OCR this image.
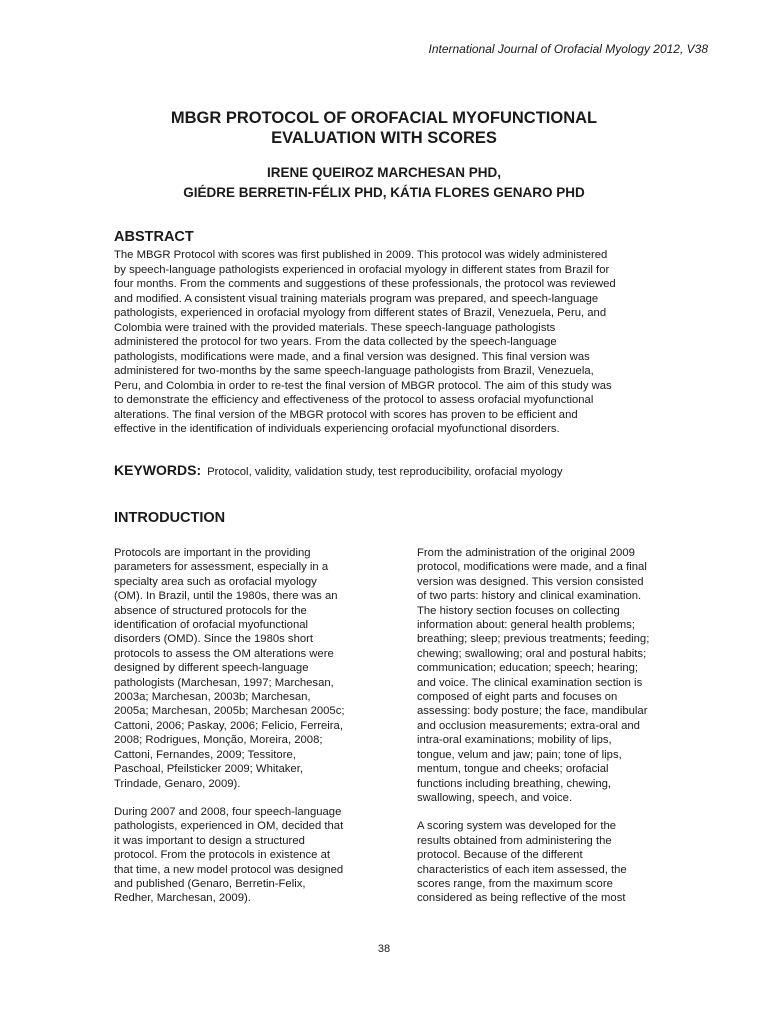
International Journal of Orofacial Myology 2012, V38
MBGR PROTOCOL OF OROFACIAL MYOFUNCTIONAL
EVALUATION WITH SCORES
IRENE QUEIROZ MARCHESAN PHD,
GIÉDRE BERRETIN-FÉLIX PHD, KÁTIA FLORES GENARO PHD
ABSTRACT
The MBGR Protocol with scores was first published in 2009. This protocol was widely administered
by speech-language pathologists experienced in orofacial myology in different states from Brazil for
four months. From the comments and suggestions of these professionals, the protocol was reviewed
and modified. A consistent visual training materials program was prepared, and speech-language
pathologists, experienced in orofacial myology from different states of Brazil, Venezuela, Peru, and
Colombia were trained with the provided materials. These speech-language pathologists
administered the protocol for two years. From the data collected by the speech-language
pathologists, modifications were made, and a final version was designed. This final version was
administered for two-months by the same speech-language pathologists from Brazil, Venezuela,
Peru, and Colombia in order to re-test the final version of MBGR protocol. The aim of this study was
to demonstrate the efficiency and effectiveness of the protocol to assess orofacial myofunctional
alterations. The final version of the MBGR protocol with scores has proven to be efficient and
effective in the identification of individuals experiencing orofacial myofunctional disorders.
KEYWORDS: Protocol, validity, validation study, test reproducibility, orofacial myology
INTRODUCTION
Protocols are important in the providing
parameters for assessment, especially in a
specialty area such as orofacial myology
(OM). In Brazil, until the 1980s, there was an
absence of structured protocols for the
identification of orofacial myofunctional
disorders (OMD). Since the 1980s short
protocols to assess the OM alterations were
designed by different speech-language
pathologists (Marchesan, 1997; Marchesan,
2003a; Marchesan, 2003b; Marchesan,
2005a; Marchesan, 2005b; Marchesan 2005c;
Cattoni, 2006; Paskay, 2006; Felicio, Ferreira,
2008; Rodrigues, Monção, Moreira, 2008;
Cattoni, Fernandes, 2009; Tessitore,
Paschoal, Pfeilsticker 2009; Whitaker,
Trindade, Genaro, 2009).
During 2007 and 2008, four speech-language
pathologists, experienced in OM, decided that
it was important to design a structured
protocol. From the protocols in existence at
that time, a new model protocol was designed
and published (Genaro, Berretin-Felix,
Redher, Marchesan, 2009).
From the administration of the original 2009
protocol, modifications were made, and a final
version was designed. This version consisted
of two parts: history and clinical examination.
The history section focuses on collecting
information about: general health problems;
breathing; sleep; previous treatments; feeding;
chewing; swallowing; oral and postural habits;
communication; education; speech; hearing;
and voice. The clinical examination section is
composed of eight parts and focuses on
assessing: body posture; the face, mandibular
and occlusion measurements; extra-oral and
intra-oral examinations; mobility of lips,
tongue, velum and jaw; pain; tone of lips,
mentum, tongue and cheeks; orofacial
functions including breathing, chewing,
swallowing, speech, and voice.
A scoring system was developed for the
results obtained from administering the
protocol. Because of the different
characteristics of each item assessed, the
scores range, from the maximum score
considered as being reflective of the most
38
